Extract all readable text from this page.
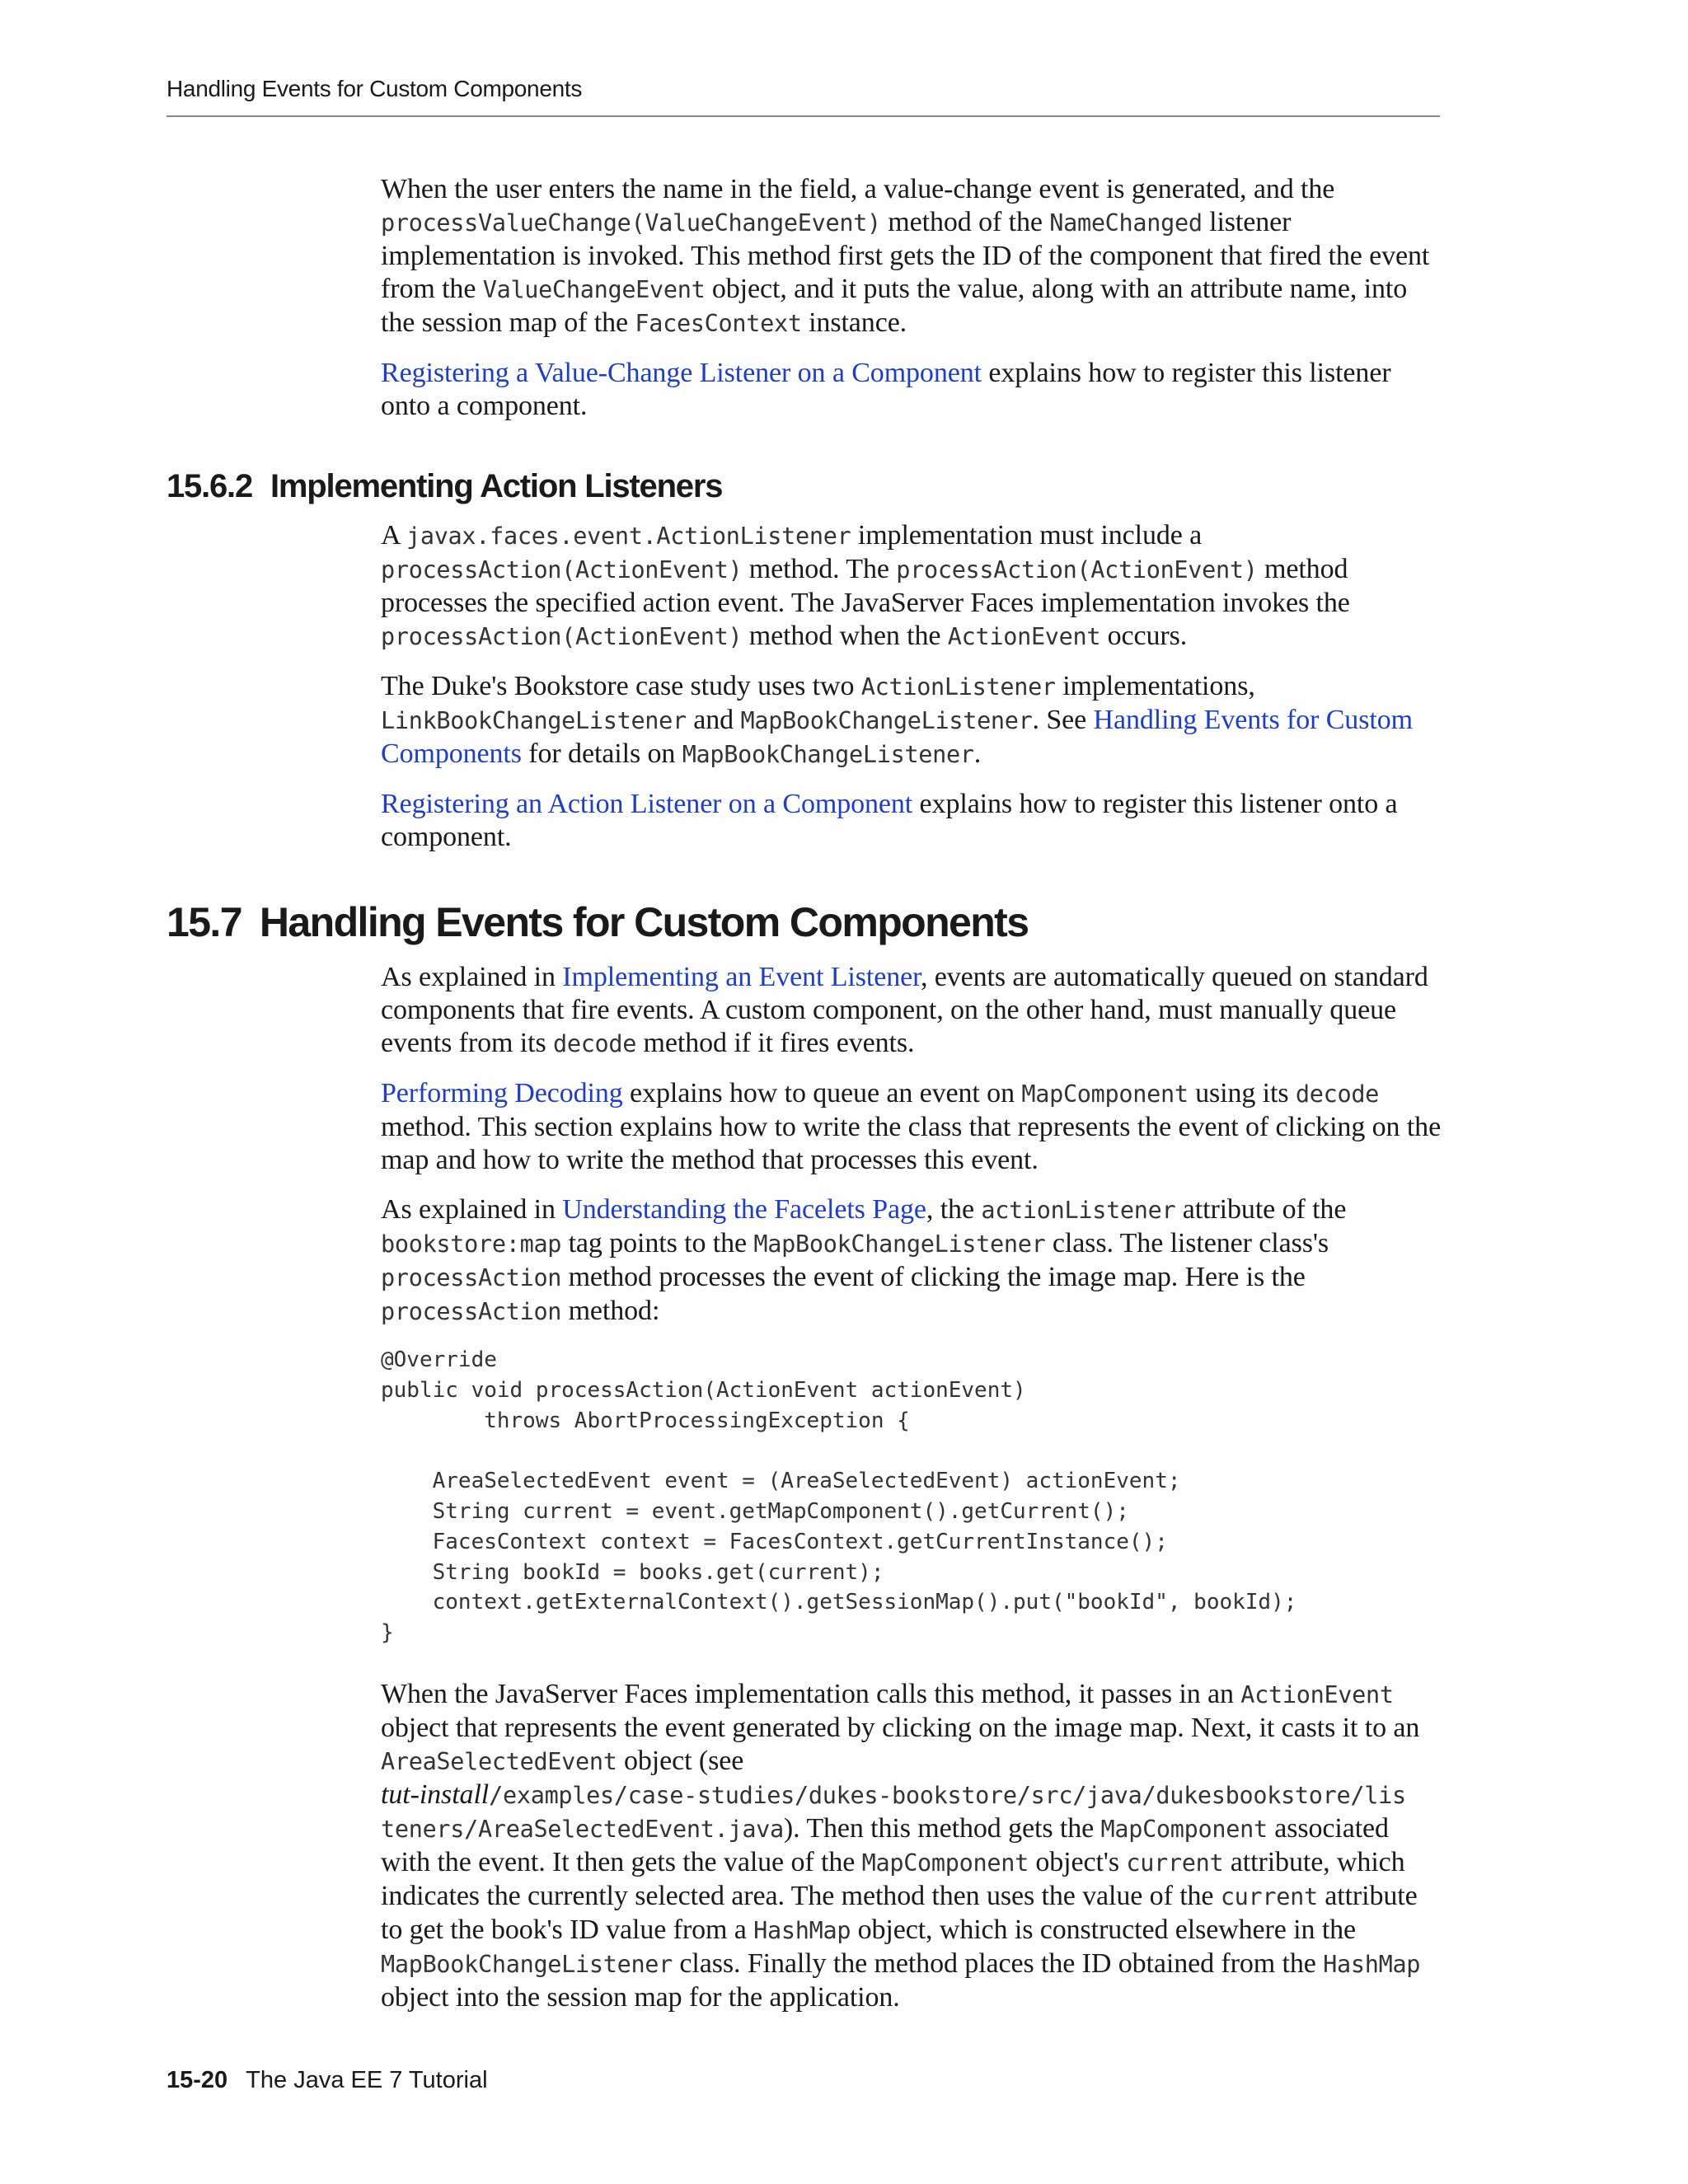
Handling Events for Custom Components

When the user enters the name in the field, a value-change event is generated, and the processValueChange(ValueChangeEvent) method of the NameChanged listener implementation is invoked. This method first gets the ID of the component that fired the event from the ValueChangeEvent object, and it puts the value, along with an attribute name, into the session map of the FacesContext instance.

Registering a Value-Change Listener on a Component explains how to register this listener onto a component.

15.6.2 Implementing Action Listeners

A javax.faces.event.ActionListener implementation must include a processAction(ActionEvent) method. The processAction(ActionEvent) method processes the specified action event. The JavaServer Faces implementation invokes the processAction(ActionEvent) method when the ActionEvent occurs.

The Duke's Bookstore case study uses two ActionListener implementations, LinkBookChangeListener and MapBookChangeListener. See Handling Events for Custom Components for details on MapBookChangeListener.

Registering an Action Listener on a Component explains how to register this listener onto a component.

15.7 Handling Events for Custom Components

As explained in Implementing an Event Listener, events are automatically queued on standard components that fire events. A custom component, on the other hand, must manually queue events from its decode method if it fires events.

Performing Decoding explains how to queue an event on MapComponent using its decode method. This section explains how to write the class that represents the event of clicking on the map and how to write the method that processes this event.

As explained in Understanding the Facelets Page, the actionListener attribute of the bookstore:map tag points to the MapBookChangeListener class. The listener class's processAction method processes the event of clicking the image map. Here is the processAction method:

@Override
public void processAction(ActionEvent actionEvent)
throws AbortProcessingException {

AreaSelectedEvent event = (AreaSelectedEvent) actionEvent;
String current = event.getMapComponent().getCurrent();
FacesContext context = FacesContext.getCurrentInstance();
String bookId = books.get(current);
context.getExternalContext().getSessionMap().put("bookId", bookId);
}

When the JavaServer Faces implementation calls this method, it passes in an ActionEvent object that represents the event generated by clicking on the image map. Next, it casts it to an AreaSelectedEvent object (see
tut-install/examples/case-studies/dukes-bookstore/src/java/dukesbookstore/lis
teners/AreaSelectedEvent.java). Then this method gets the MapComponent associated with the event. It then gets the value of the MapComponent object's current attribute, which indicates the currently selected area. The method then uses the value of the current attribute to get the book's ID value from a HashMap object, which is constructed elsewhere in the MapBookChangeListener class. Finally the method places the ID obtained from the HashMap object into the session map for the application.

15-20 The Java EE 7 Tutorial
